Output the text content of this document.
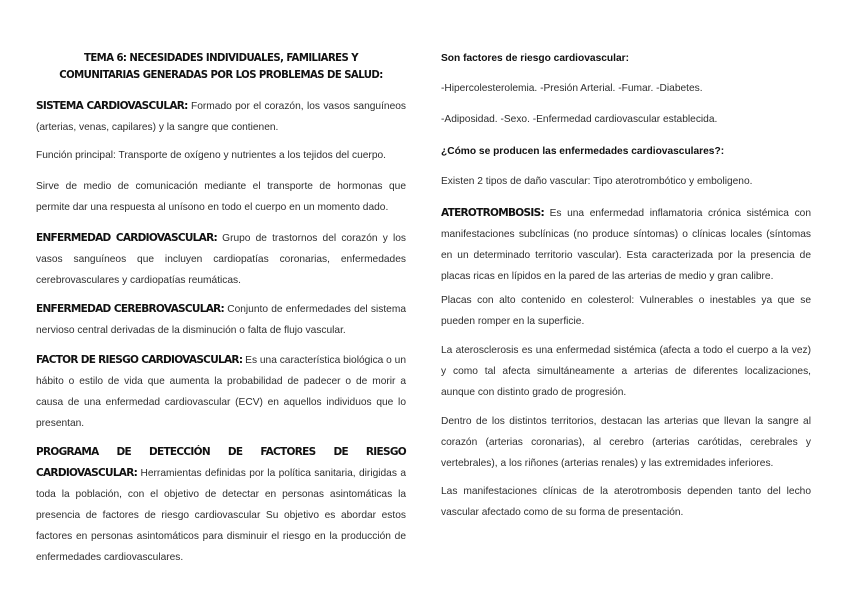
TEMA 6: NECESIDADES INDIVIDUALES, FAMILIARES Y COMUNITARIAS GENERADAS POR LOS PROBLEMAS DE SALUD:

SISTEMA CARDIOVASCULAR: Formado por el corazón, los vasos sanguíneos (arterias, venas, capilares) y la sangre que contienen.

Función principal: Transporte de oxígeno y nutrientes a los tejidos del cuerpo.

Sirve de medio de comunicación mediante el transporte de hormonas que permite dar una respuesta al unísono en todo el cuerpo en un momento dado.

ENFERMEDAD CARDIOVASCULAR: Grupo de trastornos del corazón y los vasos sanguíneos que incluyen cardiopatías coronarias, enfermedades cerebrovasculares y cardiopatías reumáticas.

ENFERMEDAD CEREBROVASCULAR: Conjunto de enfermedades del sistema nervioso central derivadas de la disminución o falta de flujo vascular.

FACTOR DE RIESGO CARDIOVASCULAR: Es una característica biológica o un hábito o estilo de vida que aumenta la probabilidad de padecer o de morir a causa de una enfermedad cardiovascular (ECV) en aquellos individuos que lo presentan.

PROGRAMA DE DETECCIÓN DE FACTORES DE RIESGO CARDIOVASCULAR: Herramientas definidas por la política sanitaria, dirigidas a toda la población, con el objetivo de detectar en personas asintomáticas la presencia de factores de riesgo cardiovascular Su objetivo es abordar estos factores en personas asintomáticos para disminuir el riesgo en la producción de enfermedades cardiovasculares.

Son factores de riesgo cardiovascular:

-Hipercolesterolemia. -Presión Arterial. -Fumar. -Diabetes.

-Adiposidad. -Sexo. -Enfermedad cardiovascular establecida.

¿Cómo se producen las enfermedades cardiovasculares?:

Existen 2 tipos de daño vascular: Tipo aterotrombótico y emboligeno.

ATEROTROMBOSIS: Es una enfermedad inflamatoria crónica sistémica con manifestaciones subclínicas (no produce síntomas) o clínicas locales (síntomas en un determinado territorio vascular). Esta caracterizada por la presencia de placas ricas en lípidos en la pared de las arterias de medio y gran calibre.

Placas con alto contenido en colesterol: Vulnerables o inestables ya que se pueden romper en la superficie.

La aterosclerosis es una enfermedad sistémica (afecta a todo el cuerpo a la vez) y como tal afecta simultáneamente a arterias de diferentes localizaciones, aunque con distinto grado de progresión.

Dentro de los distintos territorios, destacan las arterias que llevan la sangre al corazón (arterias coronarias), al cerebro (arterias carótidas, cerebrales y vertebrales), a los riñones (arterias renales) y las extremidades inferiores.

Las manifestaciones clínicas de la aterotrombosis dependen tanto del lecho vascular afectado como de su forma de presentación.
